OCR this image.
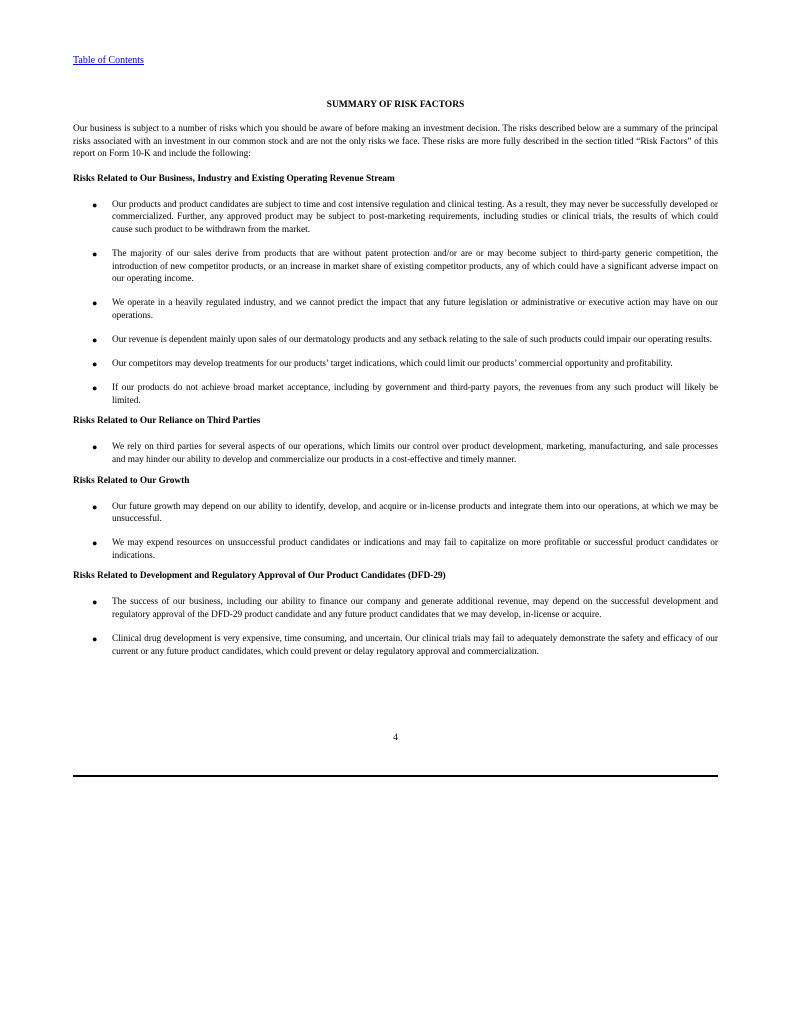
Table of Contents
SUMMARY OF RISK FACTORS

Our business is subject to a number of risks which you should be aware of before making an investment decision. The risks described below are a summary of the principal risks associated with an investment in our common stock and are not the only risks we face. These risks are more fully described in the section titled “Risk Factors” of this report on Form 10-K and include the following:

Risks Related to Our Business, Industry and Existing Operating Revenue Stream
● Our products and product candidates are subject to time and cost intensive regulation and clinical testing. As a result, they may never be successfully developed or commercialized. Further, any approved product may be subject to post-marketing requirements, including studies or clinical trials, the results of which could cause such product to be withdrawn from the market.
● The majority of our sales derive from products that are without patent protection and/or are or may become subject to third-party generic competition, the introduction of new competitor products, or an increase in market share of existing competitor products, any of which could have a significant adverse impact on our operating income.
● We operate in a heavily regulated industry, and we cannot predict the impact that any future legislation or administrative or executive action may have on our operations.
● Our revenue is dependent mainly upon sales of our dermatology products and any setback relating to the sale of such products could impair our operating results.
● Our competitors may develop treatments for our products’ target indications, which could limit our products’ commercial opportunity and profitability.
● If our products do not achieve broad market acceptance, including by government and third-party payors, the revenues from any such product will likely be limited.
Risks Related to Our Reliance on Third Parties
● We rely on third parties for several aspects of our operations, which limits our control over product development, marketing, manufacturing, and sale processes and may hinder our ability to develop and commercialize our products in a cost-effective and timely manner.
Risks Related to Our Growth
● Our future growth may depend on our ability to identify, develop, and acquire or in-license products and integrate them into our operations, at which we may be unsuccessful.
● We may expend resources on unsuccessful product candidates or indications and may fail to capitalize on more profitable or successful product candidates or indications.
Risks Related to Development and Regulatory Approval of Our Product Candidates (DFD-29)
● The success of our business, including our ability to finance our company and generate additional revenue, may depend on the successful development and regulatory approval of the DFD-29 product candidate and any future product candidates that we may develop, in-license or acquire.
● Clinical drug development is very expensive, time consuming, and uncertain. Our clinical trials may fail to adequately demonstrate the safety and efficacy of our current or any future product candidates, which could prevent or delay regulatory approval and commercialization.
4
